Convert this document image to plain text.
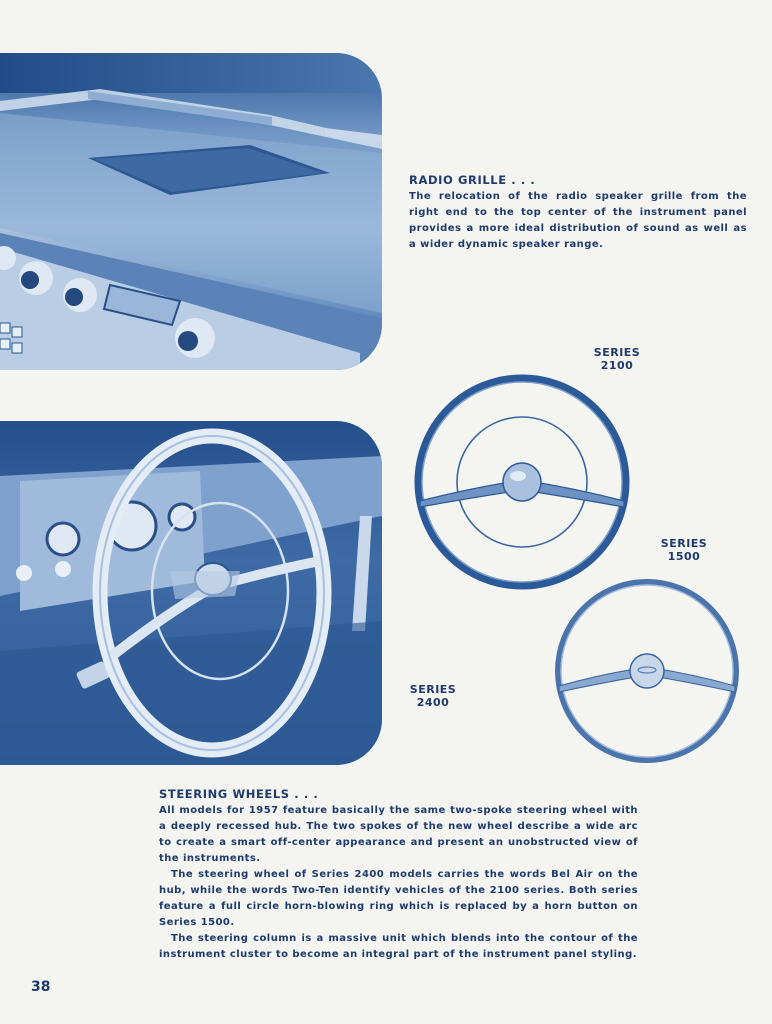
RADIO GRILLE . . .

The relocation of the radio speaker grille from the right end to the top center of the instrument panel provides a more ideal distribution of sound as well as a wider dynamic speaker range.

SERIES
2100
SERIES
1500
SERIES
2400

STEERING WHEELS . . .

All models for 1957 feature basically the same two-spoke steering wheel with a deeply recessed hub. The two spokes of the new wheel describe a wide arc to create a smart off-center appearance and present an unobstructed view of the instruments.

The steering wheel of Series 2400 models carries the words Bel Air on the hub, while the words Two-Ten identify vehicles of the 2100 series. Both series feature a full circle horn-blowing ring which is replaced by a horn button on Series 1500.

The steering column is a massive unit which blends into the contour of the instrument cluster to become an integral part of the instrument panel styling.

38
